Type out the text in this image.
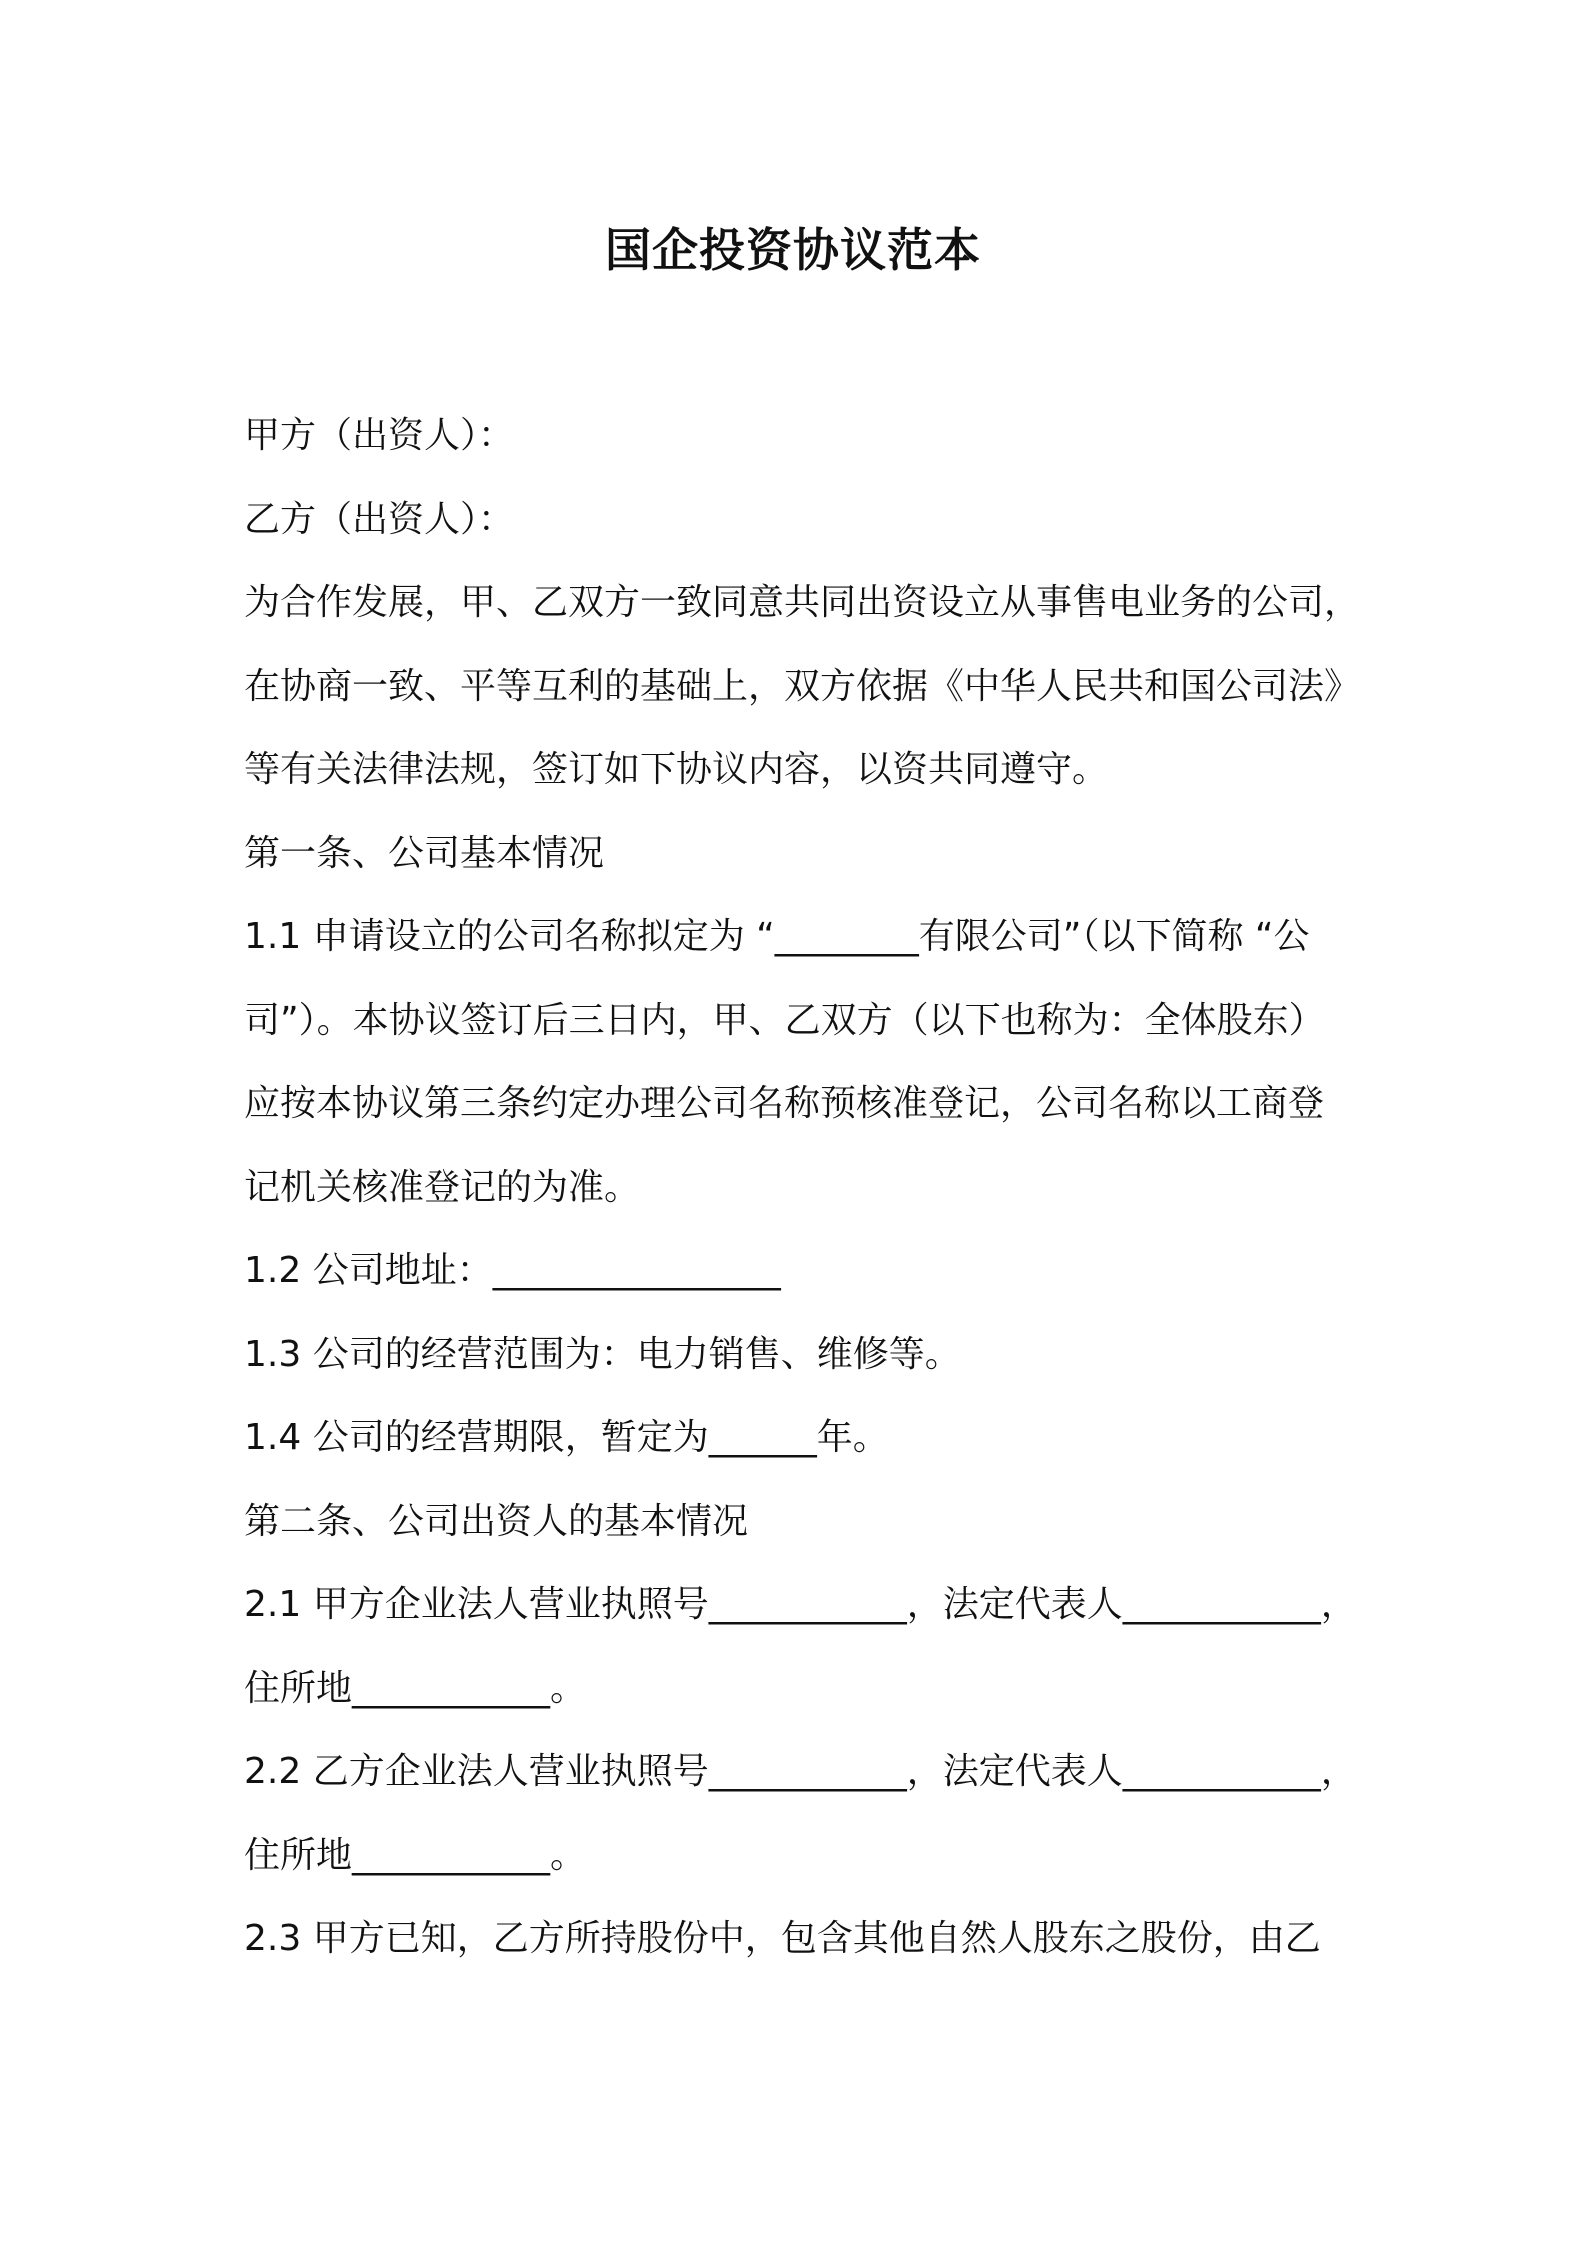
国企投资协议范本
甲方（出资人）：
乙方（出资人）：
为合作发展，甲、乙双方一致同意共同出资设立从事售电业务的公司，
在协商一致、平等互利的基础上，双方依据《中华人民共和国公司法》
等有关法律法规，签订如下协议内容，以资共同遵守。
第一条、公司基本情况
1.1 申请设立的公司名称拟定为 “________有限公司”（以下简称 “公
司”）。本协议签订后三日内，甲、乙双方（以下也称为：全体股东）
应按本协议第三条约定办理公司名称预核准登记，公司名称以工商登
记机关核准登记的为准。
1.2 公司地址：________________
1.3 公司的经营范围为：电力销售、维修等。
1.4 公司的经营期限，暂定为______年。
第二条、公司出资人的基本情况
2.1 甲方企业法人营业执照号___________，法定代表人___________，
住所地___________。
2.2 乙方企业法人营业执照号___________，法定代表人___________，
住所地___________。
2.3 甲方已知，乙方所持股份中，包含其他自然人股东之股份，由乙
